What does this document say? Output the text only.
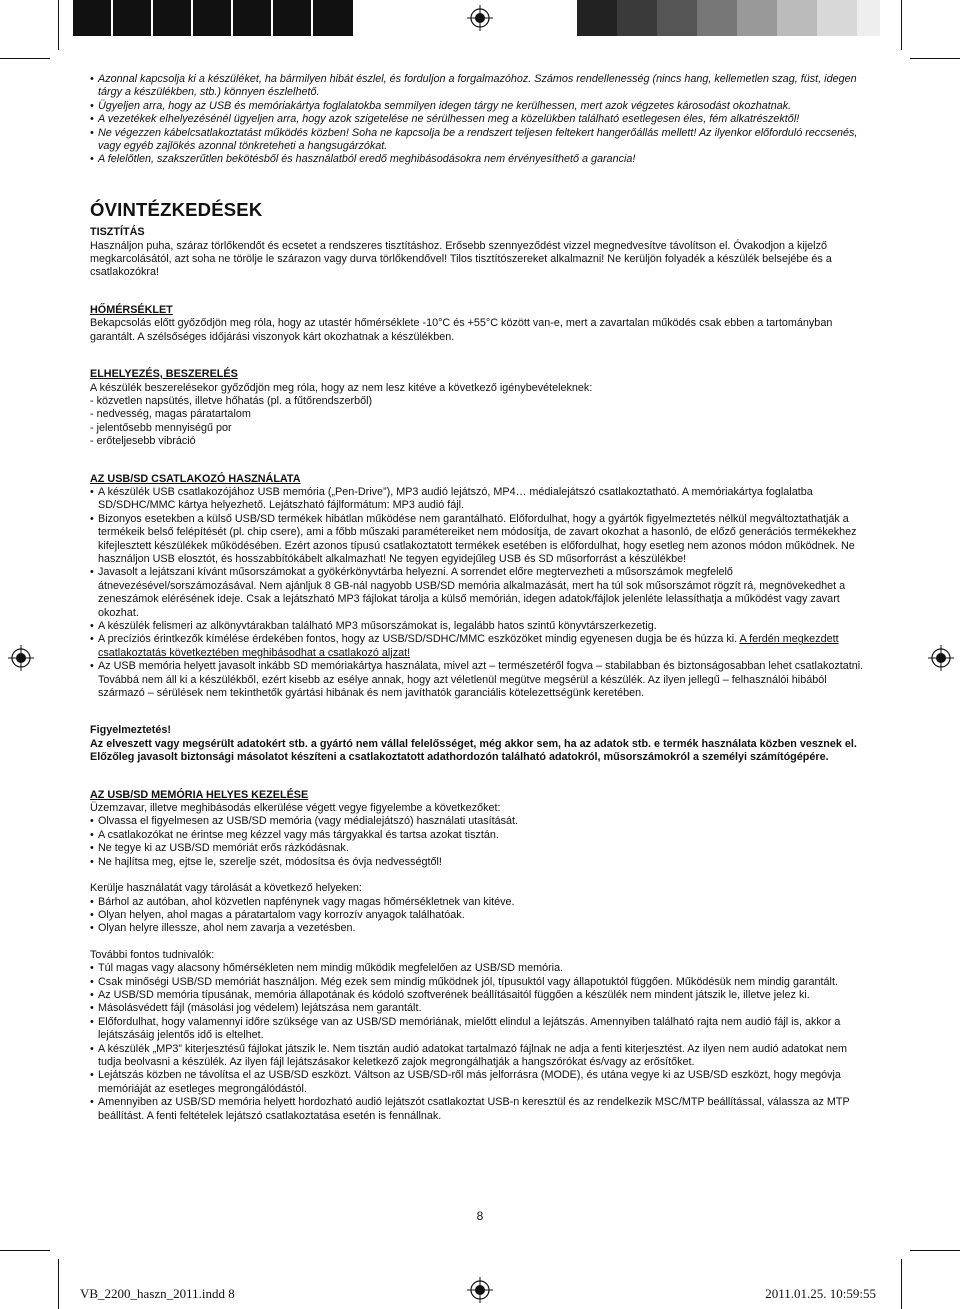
• Azonnal kapcsolja ki a készüléket, ha bármilyen hibát észlel, és forduljon a forgalmazóhoz. Számos rendellenesség (nincs hang, kellemetlen szag, füst, idegen tárgy a készülékben, stb.) könnyen észlelhető.
• Ügyeljen arra, hogy az USB és memóriakártya foglalatokba semmilyen idegen tárgy ne kerülhessen, mert azok végzetes károsodást okozhatnak.
• A vezetékek elhelyezésénél ügyeljen arra, hogy azok szigetelése ne sérülhessen meg a közelükben található esetlegesen éles, fém alkatrészektől!
• Ne végezzen kábelcsatlakoztatást működés közben! Soha ne kapcsolja be a rendszert teljesen feltekert hangerőállás mellett! Az ilyenkor előforduló reccsenés, vagy egyéb zajlökés azonnal tönkreteheti a hangsugárzókat.
• A felelőtlen, szakszerűtlen bekötésből és használatból eredő meghibásodásokra nem érvényesíthető a garancia!
ÓVINTÉZKEDÉSEK

TISZTÍTÁS

Használjon puha, száraz törlőkendőt és ecsetet a rendszeres tisztításhoz. Erősebb szennyeződést vizzel megnedvesítve távolítson el. Óvakodjon a kijelző megkarcolásától, azt soha ne törölje le szárazon vagy durva törlőkendővel! Tilos tisztítószereket alkalmazni! Ne kerüljön folyadék a készülék belsejébe és a csatlakozókra!

HŐMÉRSÉKLET

Bekapcsolás előtt győződjön meg róla, hogy az utastér hőmérséklete -10°C és +55°C között van-e, mert a zavartalan működés csak ebben a tartományban garantált. A szélsőséges időjárási viszonyok kárt okozhatnak a készülékben.

ELHELYEZÉS, BESZERELÉS

A készülék beszerelésekor győződjön meg róla, hogy az nem lesz kitéve a következő igénybevételeknek:
- közvetlen napsütés, illetve hőhatás (pl. a fűtőrendszerből)
- nedvesség, magas páratartalom
- jelentősebb mennyiségű por
- erőteljesebb vibráció

AZ USB/SD CSATLAKOZÓ HASZNÁLATA

• A készülék USB csatlakozójához USB memória („Pen-Drive”), MP3 audió lejátszó, MP4… médialejátszó csatlakoztatható. A memóriakártya foglalatba SD/SDHC/MMC kártya helyezhető. Lejátszható fájlformátum: MP3 audió fájl.
• Bizonyos esetekben a külső USB/SD termékek hibátlan működése nem garantálható. Előfordulhat, hogy a gyártók figyelmeztetés nélkül megváltoztathatják a termékeik belső felépítését (pl. chip csere), ami a főbb műszaki paramétereiket nem módosítja, de zavart okozhat a hasonló, de előző generációs termékekhez kifejlesztett készülékek működésében. Ezért azonos típusú csatlakoztatott termékek esetében is előfordulhat, hogy esetleg nem azonos módon működnek. Ne használjon USB elosztót, és hosszabbítókábelt alkalmazhat! Ne tegyen egyidejűleg USB és SD műsorforrást a készülékbe!
• Javasolt a lejátszani kívánt műsorszámokat a gyökérkönyvtárba helyezni. A sorrendet előre megtervezheti a műsorszámok megfelelő átnevezésével/sorszámozásával. Nem ajánljuk 8 GB-nál nagyobb USB/SD memória alkalmazását, mert ha túl sok műsorszámot rögzít rá, megnövekedhet a zeneszámok elérésének ideje. Csak a lejátszható MP3 fájlokat tárolja a külső memórián, idegen adatok/fájlok jelenléte lelassíthatja a működést vagy zavart okozhat.
• A készülék felismeri az alkönyvtárakban található MP3 műsorszámokat is, legalább hatos szintű könyvtárszerkezetig.
• A precíziós érintkezők kímélése érdekében fontos, hogy az USB/SD/SDHC/MMC eszközöket mindig egyenesen dugja be és húzza ki. A ferdén megkezdett csatlakoztatás következtében meghibásodhat a csatlakozó aljzat!
• Az USB memória helyett javasolt inkább SD memóriakártya használata, mivel azt – természetéről fogva – stabilabban és biztonságosabban lehet csatlakoztatni. Továbbá nem áll ki a készülékből, ezért kisebb az esélye annak, hogy azt véletlenül megütve megsérül a készülék. Az ilyen jellegű – felhasználói hibából származó – sérülések nem tekinthetők gyártási hibának és nem javíthatók garanciális kötelezettségünk keretében.

Figyelmeztetés!

Az elveszett vagy megsérült adatokért stb. a gyártó nem vállal felelősséget, még akkor sem, ha az adatok stb. e termék használata közben vesznek el. Előzőleg javasolt biztonsági másolatot készíteni a csatlakoztatott adathordozón található adatokról, műsorszámokról a személyi számítógépére.

AZ USB/SD MEMÓRIA HELYES KEZELÉSE

Üzemzavar, illetve meghibásodás elkerülése végett vegye figyelembe a következőket:
• Olvassa el figyelmesen az USB/SD memória (vagy médialejátszó) használati utasítását.
• A csatlakozókat ne érintse meg kézzel vagy más tárgyakkal és tartsa azokat tisztán.
• Ne tegye ki az USB/SD memóriát erős rázkódásnak.
• Ne hajlítsa meg, ejtse le, szerelje szét, módosítsa és óvja nedvességtől!
Kerülje használatát vagy tárolását a következő helyeken:
• Bárhol az autóban, ahol közvetlen napfénynek vagy magas hőmérsékletnek van kitéve.
• Olyan helyen, ahol magas a páratartalom vagy korrozív anyagok találhatóak.
• Olyan helyre illessze, ahol nem zavarja a vezetésben.
További fontos tudnivalók:
• Túl magas vagy alacsony hőmérsékleten nem mindig működik megfelelően az USB/SD memória.
• Csak minőségi USB/SD memóriát használjon. Még ezek sem mindig működnek jól, típusuktól vagy állapotuktól függően. Működésük nem mindig garantált.
• Az USB/SD memória típusának, memória állapotának és kódoló szoftverének beállításaitól függően a készülék nem mindent játszik le, illetve jelez ki.
• Másolásvédett fájl (másolási jog védelem) lejátszása nem garantált.
• Előfordulhat, hogy valamennyi időre szüksége van az USB/SD memóriának, mielőtt elindul a lejátszás. Amennyiben található rajta nem audió fájl is, akkor a lejátszásáig jelentős idő is eltelhet.
• A készülék „MP3” kiterjesztésű fájlokat játszik le. Nem tisztán audió adatokat tartalmazó fájlnak ne adja a fenti kiterjesztést. Az ilyen nem audió adatokat nem tudja beolvasni a készülék. Az ilyen fájl lejátszásakor keletkező zajok megrongálhatják a hangszórókat és/vagy az erősítőket.
• Lejátszás közben ne távolítsa el az USB/SD eszközt. Váltson az USB/SD-ről más jelforrásra (MODE), és utána vegye ki az USB/SD eszközt, hogy megóvja memóriáját az esetleges megrongálódástól.
• Amennyiben az USB/SD memória helyett hordozható audió lejátszót csatlakoztat USB-n keresztül és az rendelkezik MSC/MTP beállítással, válassza az MTP beállítást. A fenti feltételek lejátszó csatlakoztatása esetén is fennállnak.
8
VB_2200_haszn_2011.indd 8	2011.01.25. 10:59:55
